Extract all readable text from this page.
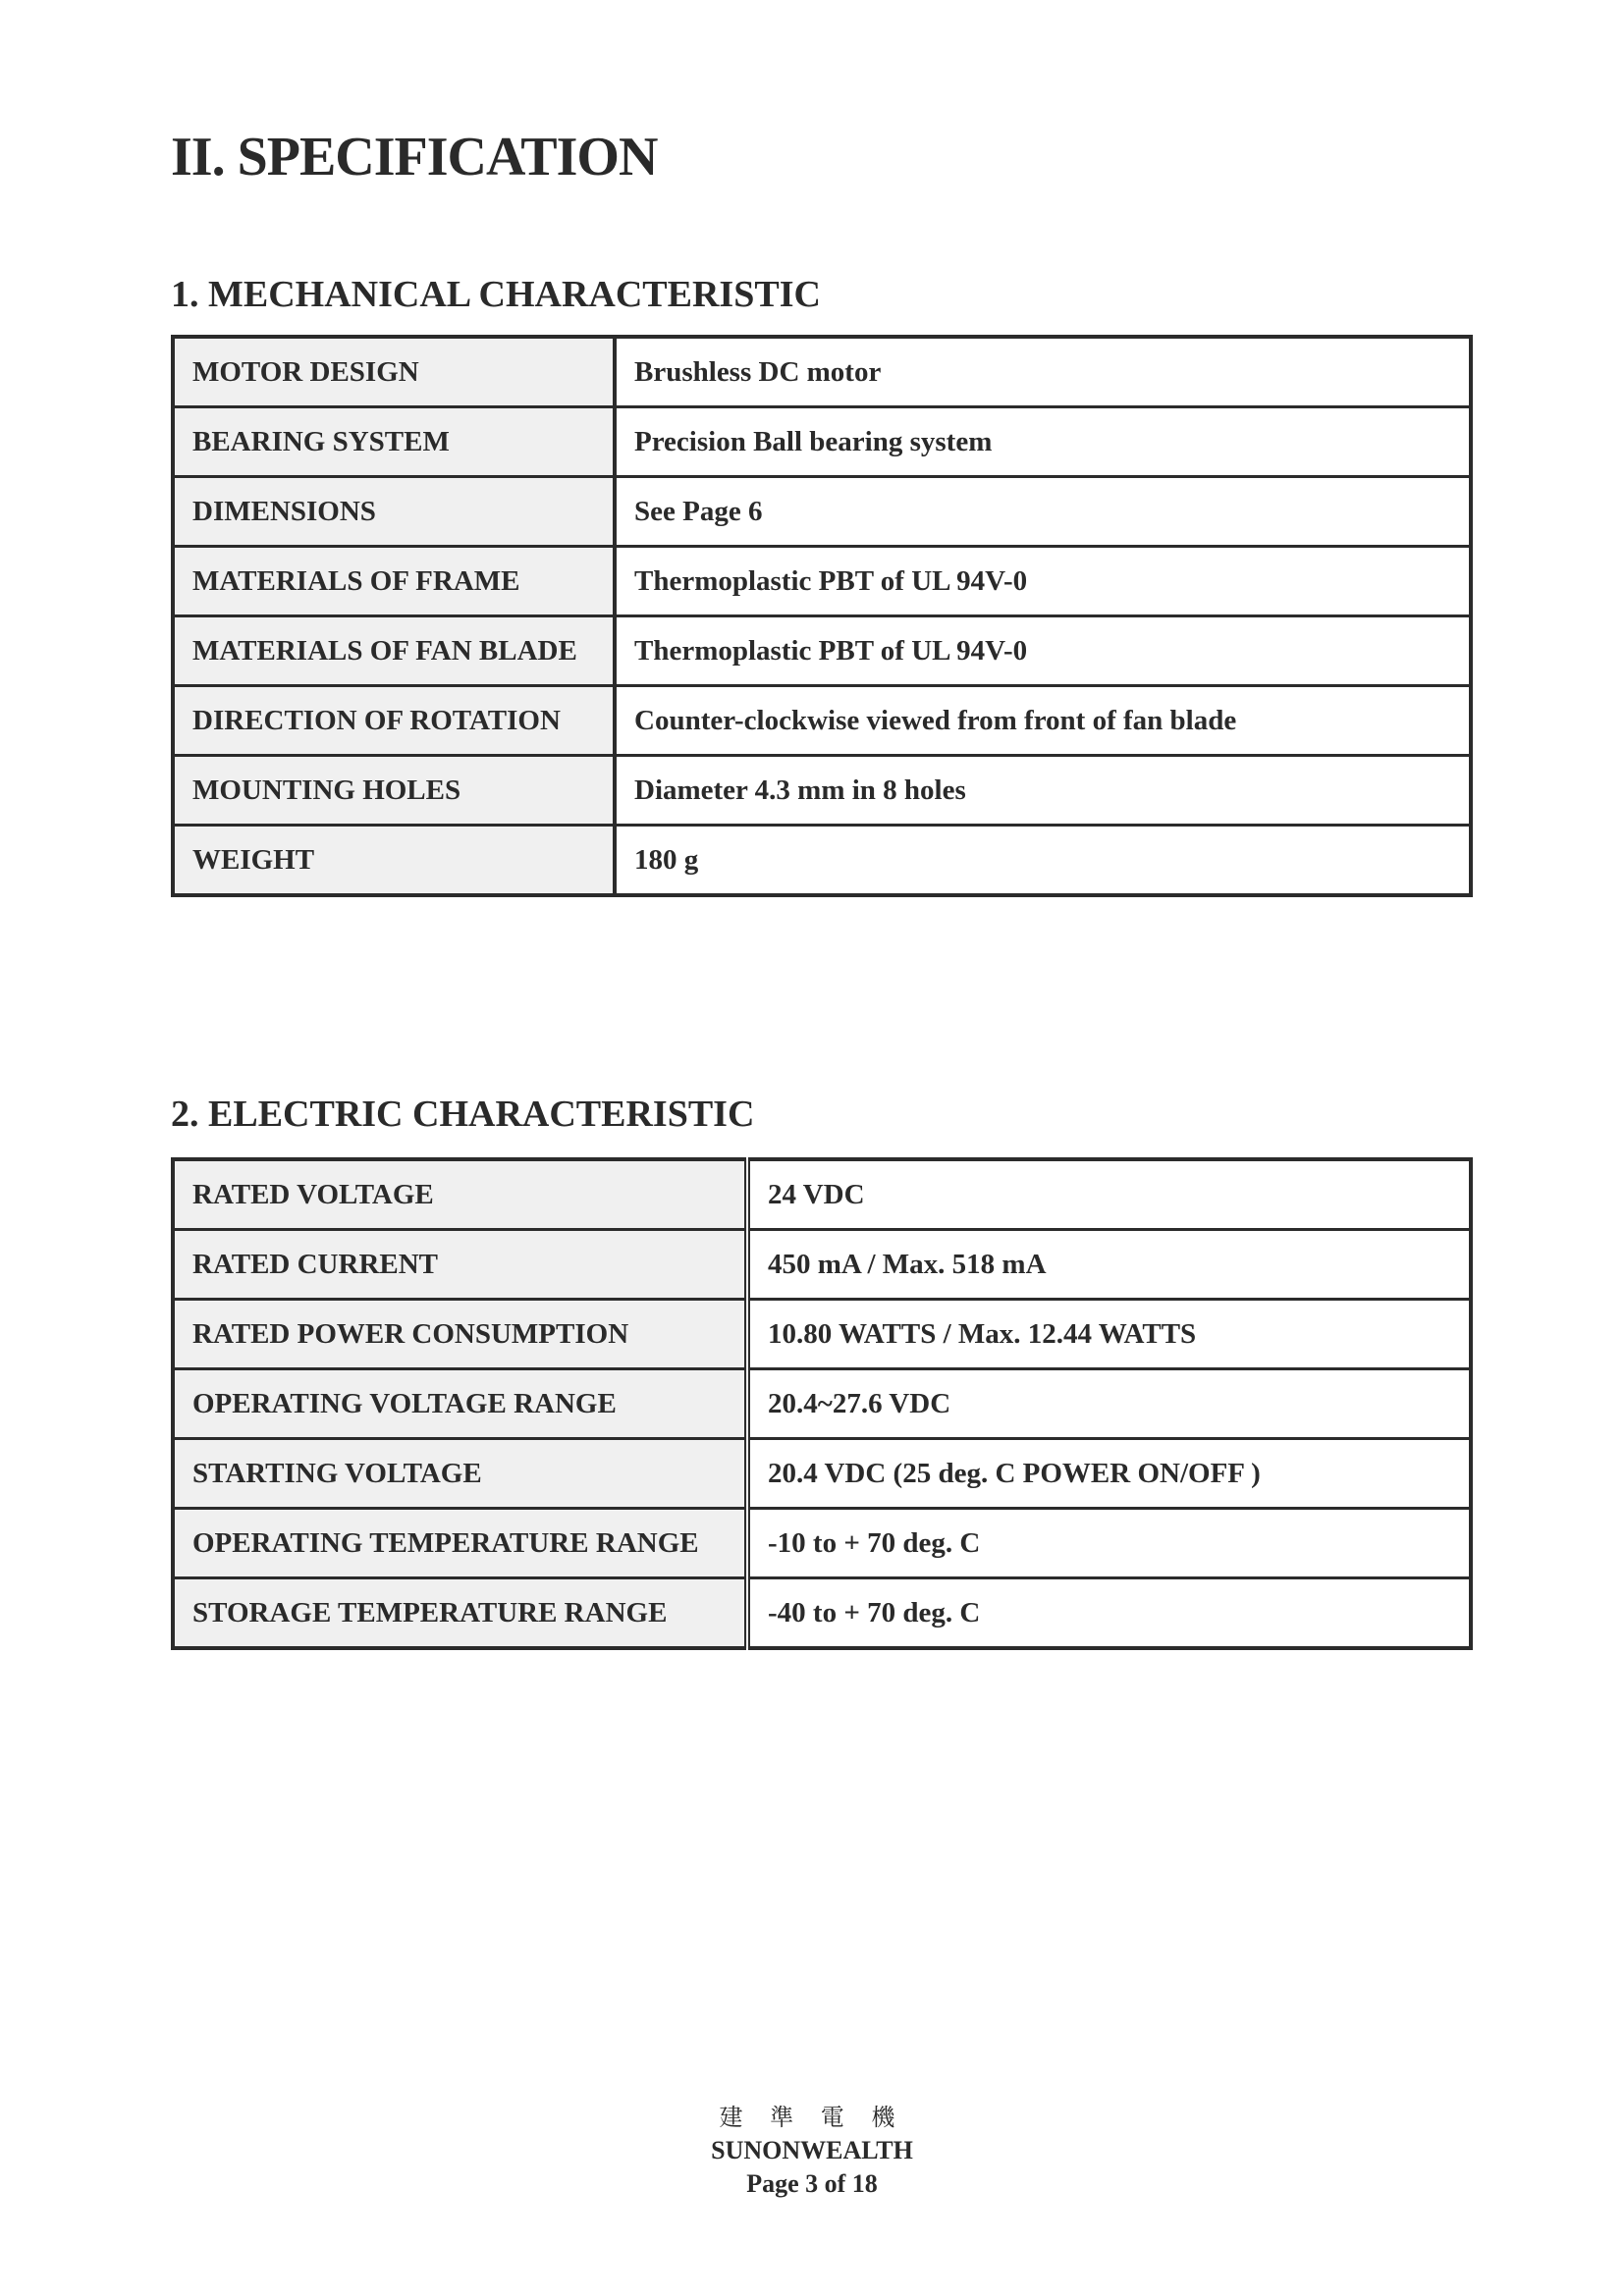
II. SPECIFICATION
1. MECHANICAL CHARACTERISTIC
MOTOR DESIGN	Brushless DC motor
BEARING SYSTEM	Precision Ball bearing system
DIMENSIONS	See Page 6
MATERIALS OF FRAME	Thermoplastic PBT of UL 94V-0
MATERIALS OF FAN BLADE	Thermoplastic PBT of UL 94V-0
DIRECTION OF ROTATION	Counter-clockwise viewed from front of fan blade
MOUNTING HOLES	Diameter 4.3 mm in 8 holes
WEIGHT	180 g
2. ELECTRIC CHARACTERISTIC
RATED VOLTAGE	24 VDC
RATED CURRENT	450 mA / Max. 518 mA
RATED POWER CONSUMPTION	10.80 WATTS / Max. 12.44 WATTS
OPERATING VOLTAGE RANGE	20.4~27.6 VDC
STARTING VOLTAGE	20.4 VDC (25 deg. C POWER ON/OFF )
OPERATING TEMPERATURE RANGE	-10 to + 70 deg. C
STORAGE TEMPERATURE RANGE	-40 to + 70 deg. C
建 準 電 機
SUNONWEALTH
Page 3 of 18
